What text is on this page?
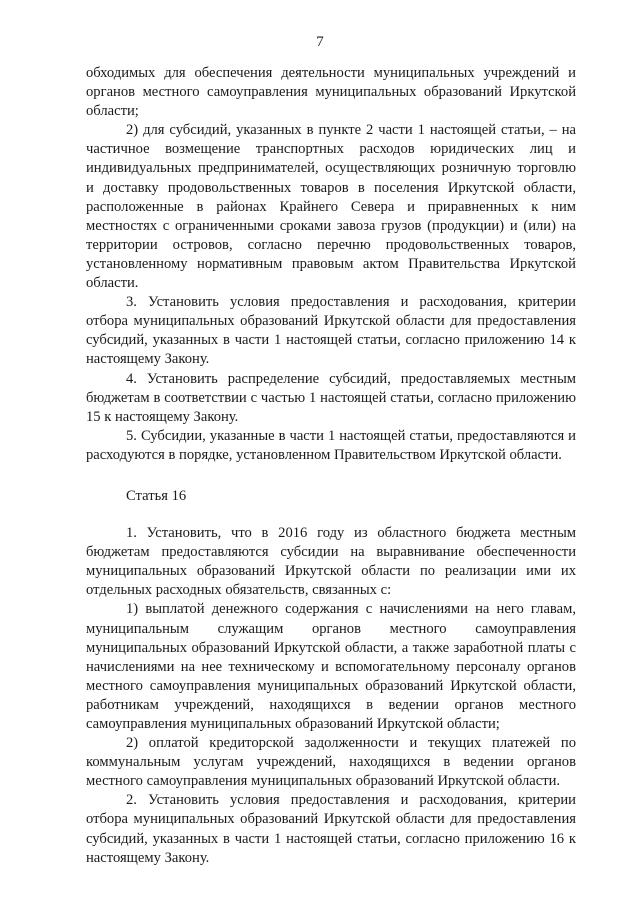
7

обходимых для обеспечения деятельности муниципальных учреждений и органов местного самоуправления муниципальных образований Иркутской области;

2) для субсидий, указанных в пункте 2 части 1 настоящей статьи, – на частичное возмещение транспортных расходов юридических лиц и индивидуальных предпринимателей, осуществляющих розничную торговлю и доставку продовольственных товаров в поселения Иркутской области, расположенные в районах Крайнего Севера и приравненных к ним местностях с ограниченными сроками завоза грузов (продукции) и (или) на территории островов, согласно перечню продовольственных товаров, установленному нормативным правовым актом Правительства Иркутской области.

3. Установить условия предоставления и расходования, критерии отбора муниципальных образований Иркутской области для предоставления субсидий, указанных в части 1 настоящей статьи, согласно приложению 14 к настоящему Закону.

4. Установить распределение субсидий, предоставляемых местным бюджетам в соответствии с частью 1 настоящей статьи, согласно приложению 15 к настоящему Закону.

5. Субсидии, указанные в части 1 настоящей статьи, предоставляются и расходуются в порядке, установленном Правительством Иркутской области.

Статья 16

1. Установить, что в 2016 году из областного бюджета местным бюджетам предоставляются субсидии на выравнивание обеспеченности муниципальных образований Иркутской области по реализации ими их отдельных расходных обязательств, связанных с:

1) выплатой денежного содержания с начислениями на него главам, муниципальным служащим органов местного самоуправления муниципальных образований Иркутской области, а также заработной платы с начислениями на нее техническому и вспомогательному персоналу органов местного самоуправления муниципальных образований Иркутской области, работникам учреждений, находящихся в ведении органов местного самоуправления муниципальных образований Иркутской области;

2) оплатой кредиторской задолженности и текущих платежей по коммунальным услугам учреждений, находящихся в ведении органов местного самоуправления муниципальных образований Иркутской области.

2. Установить условия предоставления и расходования, критерии отбора муниципальных образований Иркутской области для предоставления субсидий, указанных в части 1 настоящей статьи, согласно приложению 16 к настоящему Закону.
